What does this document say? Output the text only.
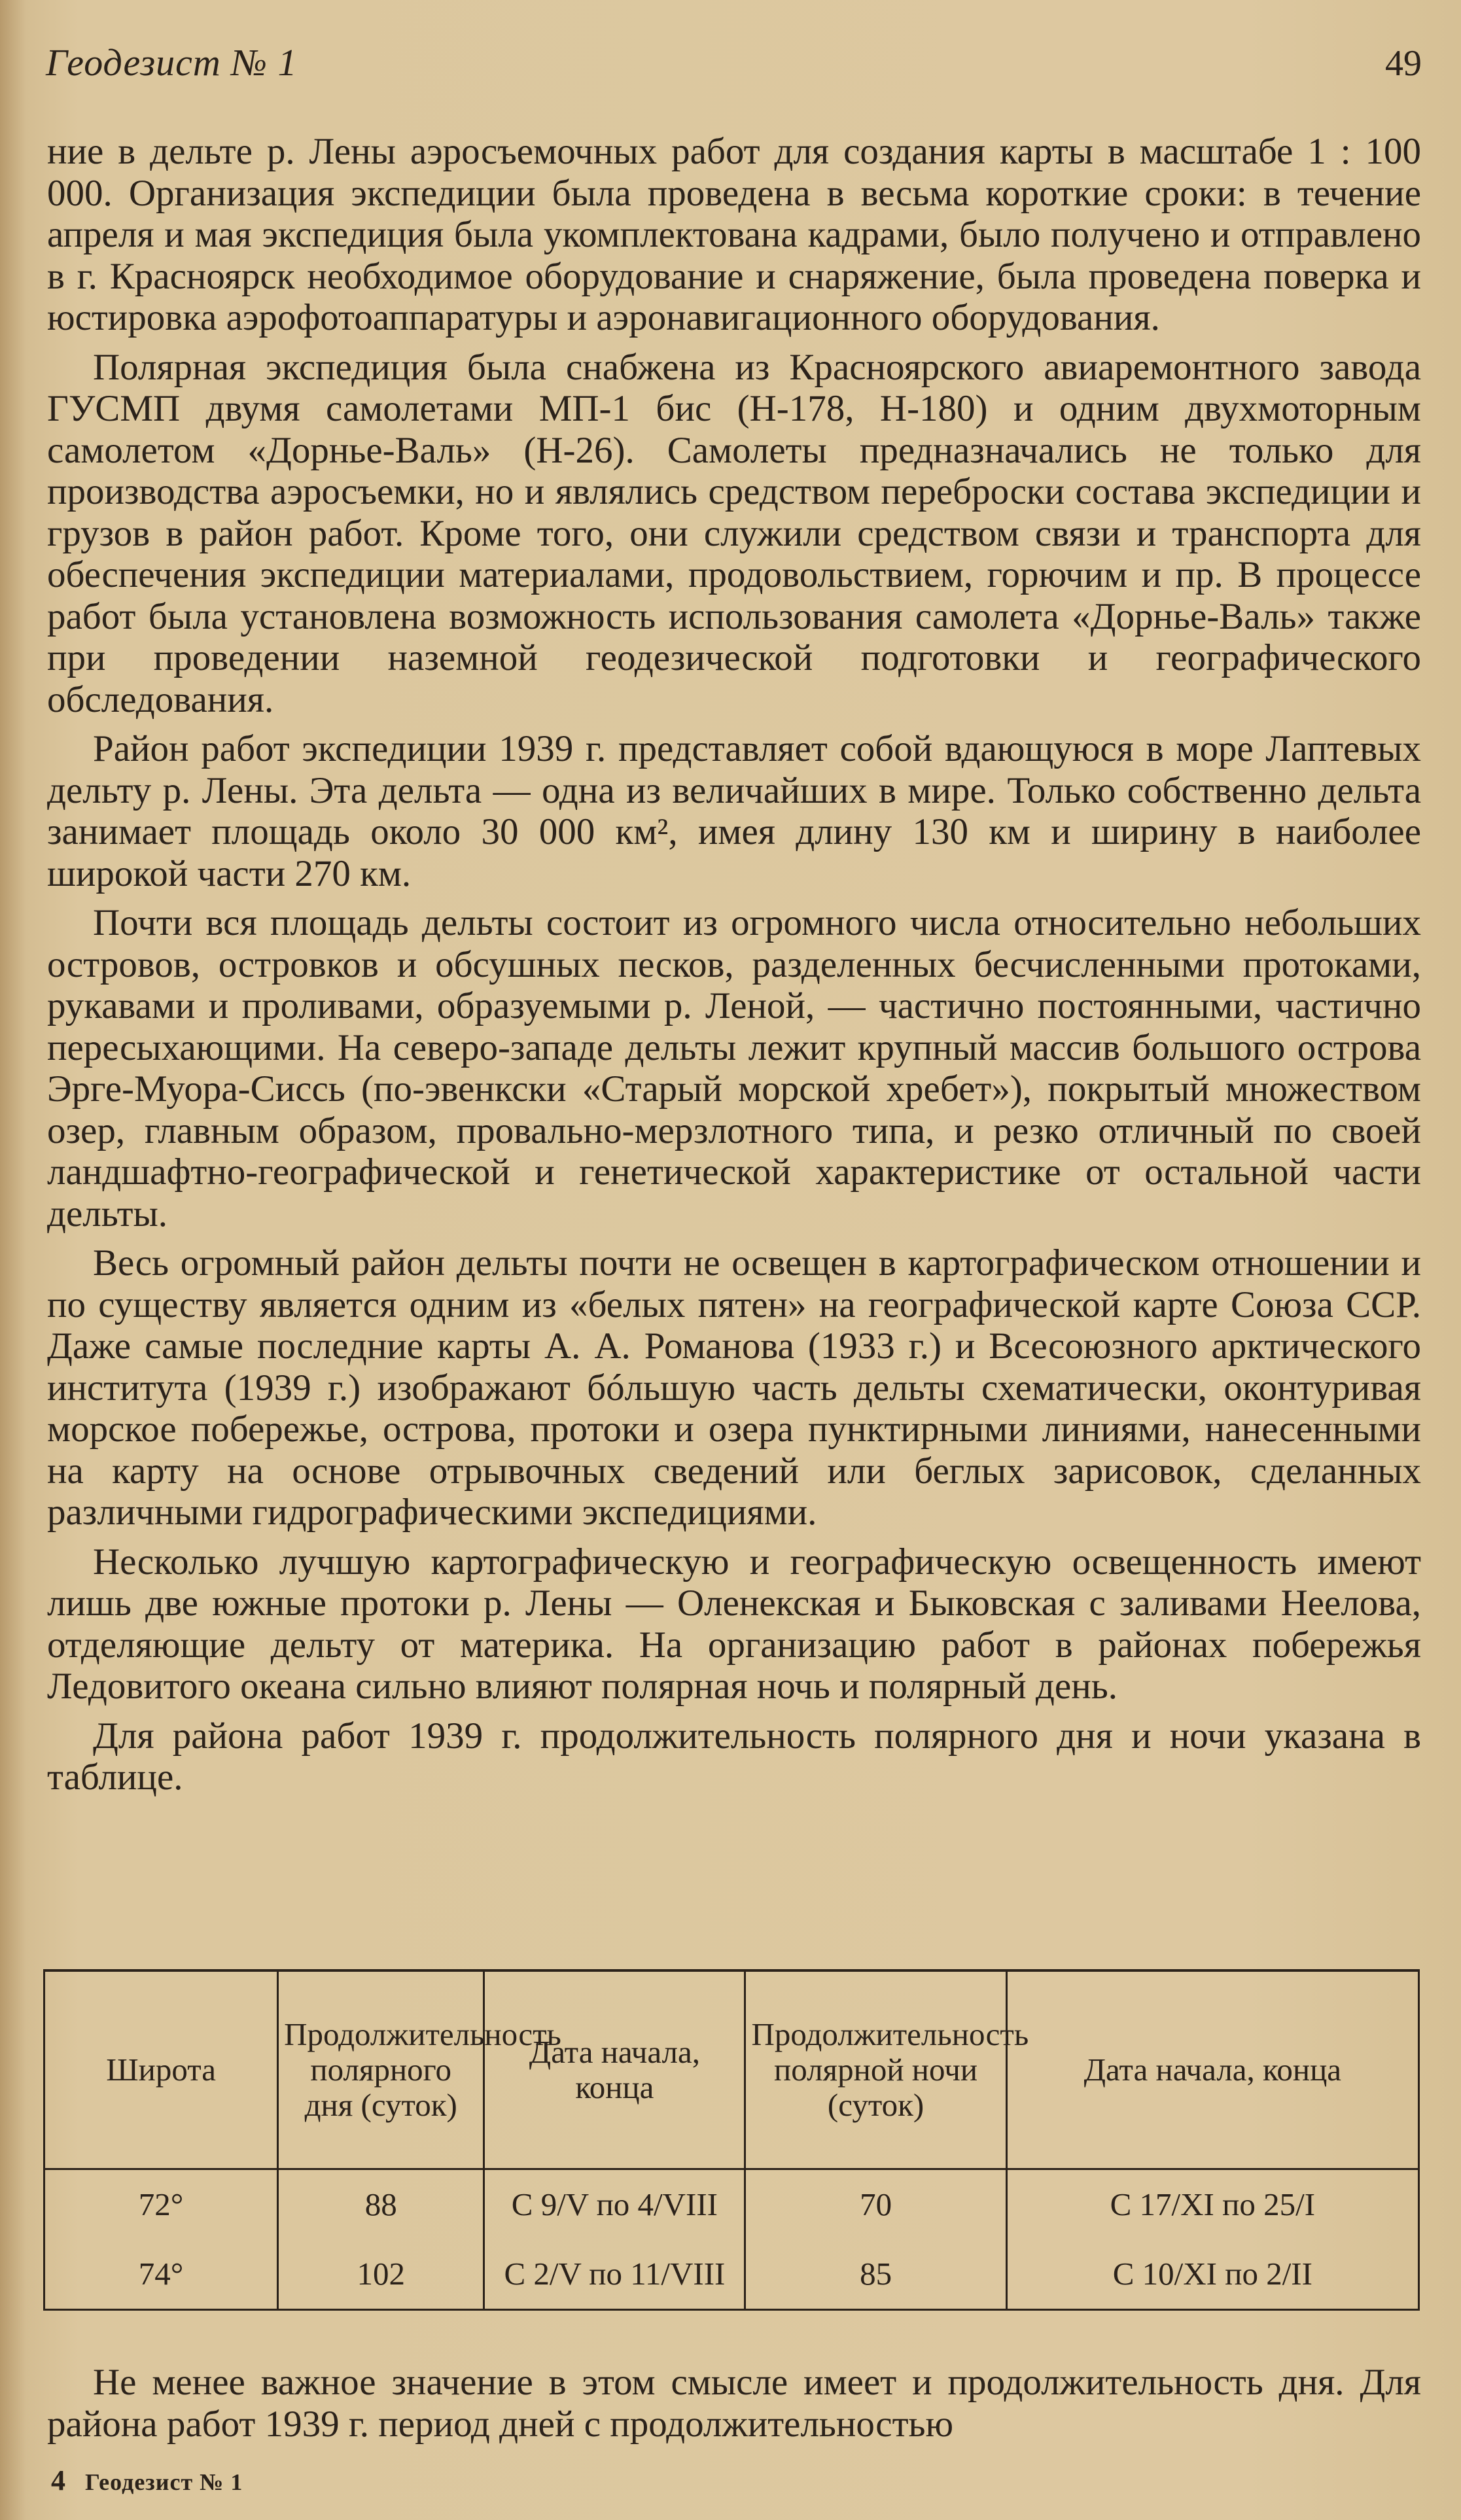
Геодезист № 1	49

ние в дельте р. Лены аэросъемочных работ для создания карты в масштабе 1 : 100 000. Организация экспедиции была проведена в весьма короткие сроки: в течение апреля и мая экспедиция была укомплектована кадрами, было получено и отправлено в г. Красноярск необходимое оборудование и снаряжение, была проведена поверка и юстировка аэрофотоаппаратуры и аэронавигационного оборудования.

Полярная экспедиция была снабжена из Красноярского авиаремонтного завода ГУСМП двумя самолетами МП-1 бис (Н-178, Н-180) и одним двухмоторным самолетом «Дорнье-Валь» (Н-26). Самолеты предназначались не только для производства аэросъемки, но и являлись средством переброски состава экспедиции и грузов в район работ. Кроме того, они служили средством связи и транспорта для обеспечения экспедиции материалами, продовольствием, горючим и пр. В процессе работ была установлена возможность использования самолета «Дорнье-Валь» также при проведении наземной геодезической подготовки и географического обследования.

Район работ экспедиции 1939 г. представляет собой вдающуюся в море Лаптевых дельту р. Лены. Эта дельта — одна из величайших в мире. Только собственно дельта занимает площадь около 30 000 км², имея длину 130 км и ширину в наиболее широкой части 270 км.

Почти вся площадь дельты состоит из огромного числа относительно небольших островов, островков и обсушных песков, разделенных бесчисленными протоками, рукавами и проливами, образуемыми р. Леной, — частично постоянными, частично пересыхающими. На северо-западе дельты лежит крупный массив большого острова Эрге-Муора-Сиссь (по-эвенкски «Старый морской хребет»), покрытый множеством озер, главным образом, провально-мерзлотного типа, и резко отличный по своей ландшафтно-географической и генетической характеристике от остальной части дельты.

Весь огромный район дельты почти не освещен в картографическом отношении и по существу является одним из «белых пятен» на географической карте Союза ССР. Даже самые последние карты А. А. Романова (1933 г.) и Всесоюзного арктического института (1939 г.) изображают бóльшую часть дельты схематически, оконтуривая морское побережье, острова, протоки и озера пунктирными линиями, нанесенными на карту на основе отрывочных сведений или беглых зарисовок, сделанных различными гидрографическими экспедициями.

Несколько лучшую картографическую и географическую освещенность имеют лишь две южные протоки р. Лены — Оленекская и Быковская с заливами Неелова, отделяющие дельту от материка. На организацию работ в районах побережья Ледовитого океана сильно влияют полярная ночь и полярный день.

Для района работ 1939 г. продолжительность полярного дня и ночи указана в таблице.

Широта	Продолжительность полярного дня (суток)	Дата начала, конца	Продолжительность полярной ночи (суток)	Дата начала, конца
72°	88	С 9/V по 4/VIII	70	С 17/XI по 25/I
74°	102	С 2/V по 11/VIII	85	С 10/XI по 2/II

Не менее важное значение в этом смысле имеет и продолжительность дня. Для района работ 1939 г. период дней с продолжительностью

4 Геодезист № 1
